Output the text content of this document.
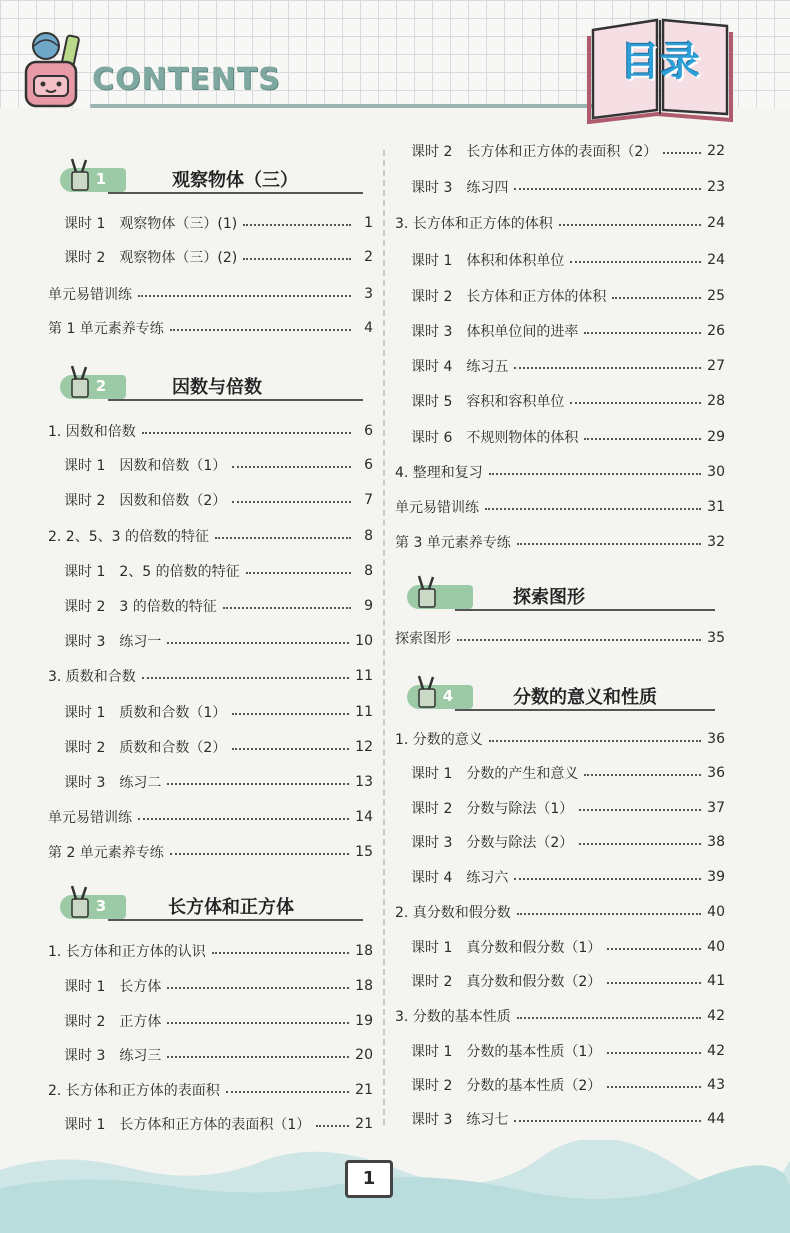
CONTENTS	目录
1	观察物体（三）
课时 1　观察物体（三）(1)	1
课时 2　观察物体（三）(2)	2
单元易错训练	3
第 1 单元素养专练	4
2	因数与倍数
1. 因数和倍数	6
课时 1　因数和倍数（1）	6
课时 2　因数和倍数（2）	7
2. 2、5、3 的倍数的特征	8
课时 1　2、5 的倍数的特征	8
课时 2　3 的倍数的特征	9
课时 3　练习一	10
3. 质数和合数	11
课时 1　质数和合数（1）	11
课时 2　质数和合数（2）	12
课时 3　练习二	13
单元易错训练	14
第 2 单元素养专练	15
3	长方体和正方体
1. 长方体和正方体的认识	18
课时 1　长方体	18
课时 2　正方体	19
课时 3　练习三	20
2. 长方体和正方体的表面积	21
课时 1　长方体和正方体的表面积（1）	21
课时 2　长方体和正方体的表面积（2）	22
课时 3　练习四	23
3. 长方体和正方体的体积	24
课时 1　体积和体积单位	24
课时 2　长方体和正方体的体积	25
课时 3　体积单位间的进率	26
课时 4　练习五	27
课时 5　容积和容积单位	28
课时 6　不规则物体的体积	29
4. 整理和复习	30
单元易错训练	31
第 3 单元素养专练	32
探索图形
探索图形	35
4	分数的意义和性质
1. 分数的意义	36
课时 1　分数的产生和意义	36
课时 2　分数与除法（1）	37
课时 3　分数与除法（2）	38
课时 4　练习六	39
2. 真分数和假分数	40
课时 1　真分数和假分数（1）	40
课时 2　真分数和假分数（2）	41
3. 分数的基本性质	42
课时 1　分数的基本性质（1）	42
课时 2　分数的基本性质（2）	43
课时 3　练习七	44
1
